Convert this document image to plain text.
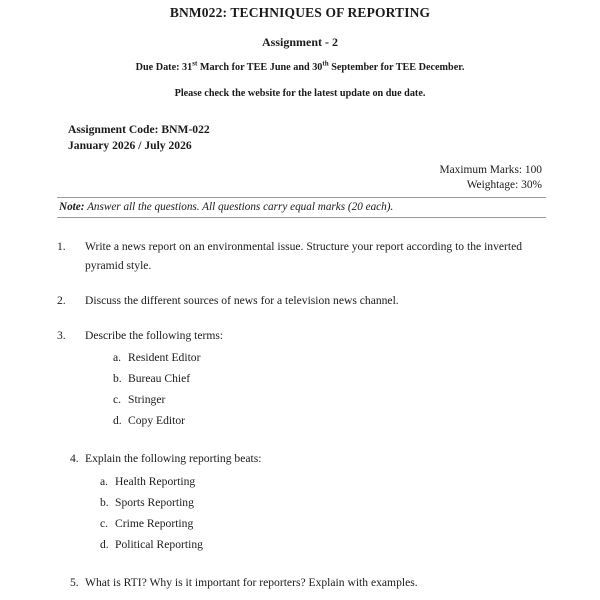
BNM022: TECHNIQUES OF REPORTING
Assignment - 2
Due Date: 31st March for TEE June and 30th September for TEE December.
Please check the website for the latest update on due date.
Assignment Code: BNM-022
January 2026 / July 2026
Maximum Marks: 100
Weightage: 30%
Note: Answer all the questions. All questions carry equal marks (20 each).
1. Write a news report on an environmental issue. Structure your report according to the inverted pyramid style.
2. Discuss the different sources of news for a television news channel.
3. Describe the following terms:
a. Resident Editor
b. Bureau Chief
c. Stringer
d. Copy Editor
4. Explain the following reporting beats:
a. Health Reporting
b. Sports Reporting
c. Crime Reporting
d. Political Reporting
5. What is RTI? Why is it important for reporters? Explain with examples.
